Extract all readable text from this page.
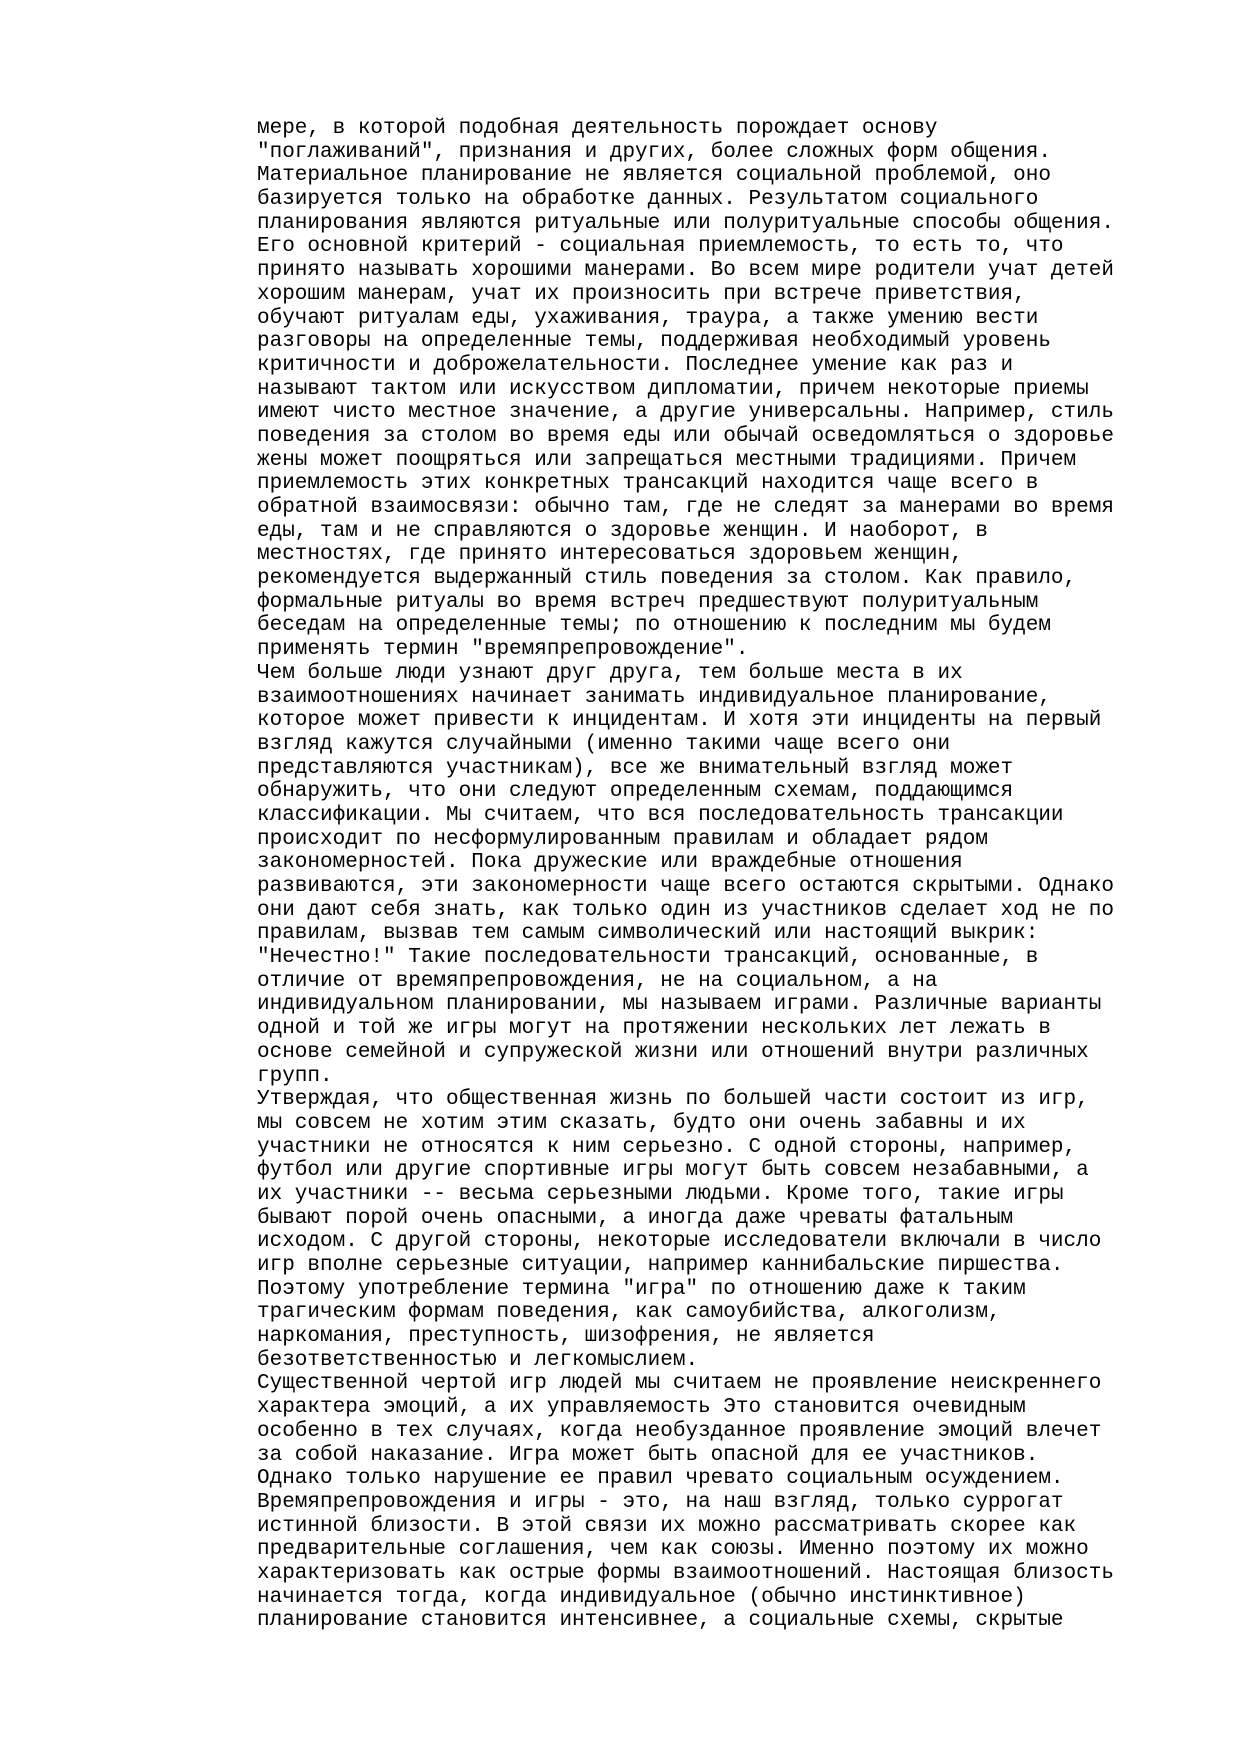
мере, в которой подобная деятельность порождает основу
"поглаживаний", признания и других, более сложных форм общения.
Материальное планирование не является социальной проблемой, оно
базируется только на обработке данных. Результатом социального
планирования являются ритуальные или полуритуальные способы общения.
Его основной критерий - социальная приемлемость, то есть то, что
принято называть хорошими манерами. Во всем мире родители учат детей
хорошим манерам, учат их произносить при встрече приветствия,
обучают ритуалам еды, ухаживания, траура, а также умению вести
разговоры на определенные темы, поддерживая необходимый уровень
критичности и доброжелательности. Последнее умение как раз и
называют тактом или искусством дипломатии, причем некоторые приемы
имеют чисто местное значение, а другие универсальны. Например, стиль
поведения за столом во время еды или обычай осведомляться о здоровье
жены может поощряться или запрещаться местными традициями. Причем
приемлемость этих конкретных трансакций находится чаще всего в
обратной взаимосвязи: обычно там, где не следят за манерами во время
еды, там и не справляются о здоровье женщин. И наоборот, в
местностях, где принято интересоваться здоровьем женщин,
рекомендуется выдержанный стиль поведения за столом. Как правило,
формальные ритуалы во время встреч предшествуют полуритуальным
беседам на определенные темы; по отношению к последним мы будем
применять термин "времяпрепровождение".
Чем больше люди узнают друг друга, тем больше места в их
взаимоотношениях начинает занимать индивидуальное планирование,
которое может привести к инцидентам. И хотя эти инциденты на первый
взгляд кажутся случайными (именно такими чаще всего они
представляются участникам), все же внимательный взгляд может
обнаружить, что они следуют определенным схемам, поддающимся
классификации. Мы считаем, что вся последовательность трансакции
происходит по несформулированным правилам и обладает рядом
закономерностей. Пока дружеские или враждебные отношения
развиваются, эти закономерности чаще всего остаются скрытыми. Однако
они дают себя знать, как только один из участников сделает ход не по
правилам, вызвав тем самым символический или настоящий выкрик:
"Нечестно!" Такие последовательности трансакций, основанные, в
отличие от времяпрепровождения, не на социальном, а на
индивидуальном планировании, мы называем играми. Различные варианты
одной и той же игры могут на протяжении нескольких лет лежать в
основе семейной и супружеской жизни или отношений внутри различных
групп.
Утверждая, что общественная жизнь по большей части состоит из игр,
мы совсем не хотим этим сказать, будто они очень забавны и их
участники не относятся к ним серьезно. С одной стороны, например,
футбол или другие спортивные игры могут быть совсем незабавными, а
их участники -- весьма серьезными людьми. Кроме того, такие игры
бывают порой очень опасными, а иногда даже чреваты фатальным
исходом. С другой стороны, некоторые исследователи включали в число
игр вполне серьезные ситуации, например каннибальские пиршества.
Поэтому употребление термина "игра" по отношению даже к таким
трагическим формам поведения, как самоубийства, алкоголизм,
наркомания, преступность, шизофрения, не является
безответственностью и легкомыслием.
Существенной чертой игр людей мы считаем не проявление неискреннего
характера эмоций, а их управляемость Это становится очевидным
особенно в тех случаях, когда необузданное проявление эмоций влечет
за собой наказание. Игра может быть опасной для ее участников.
Однако только нарушение ее правил чревато социальным осуждением.
Времяпрепровождения и игры - это, на наш взгляд, только суррогат
истинной близости. В этой связи их можно рассматривать скорее как
предварительные соглашения, чем как союзы. Именно поэтому их можно
характеризовать как острые формы взаимоотношений. Настоящая близость
начинается тогда, когда индивидуальное (обычно инстинктивное)
планирование становится интенсивнее, а социальные схемы, скрытые
